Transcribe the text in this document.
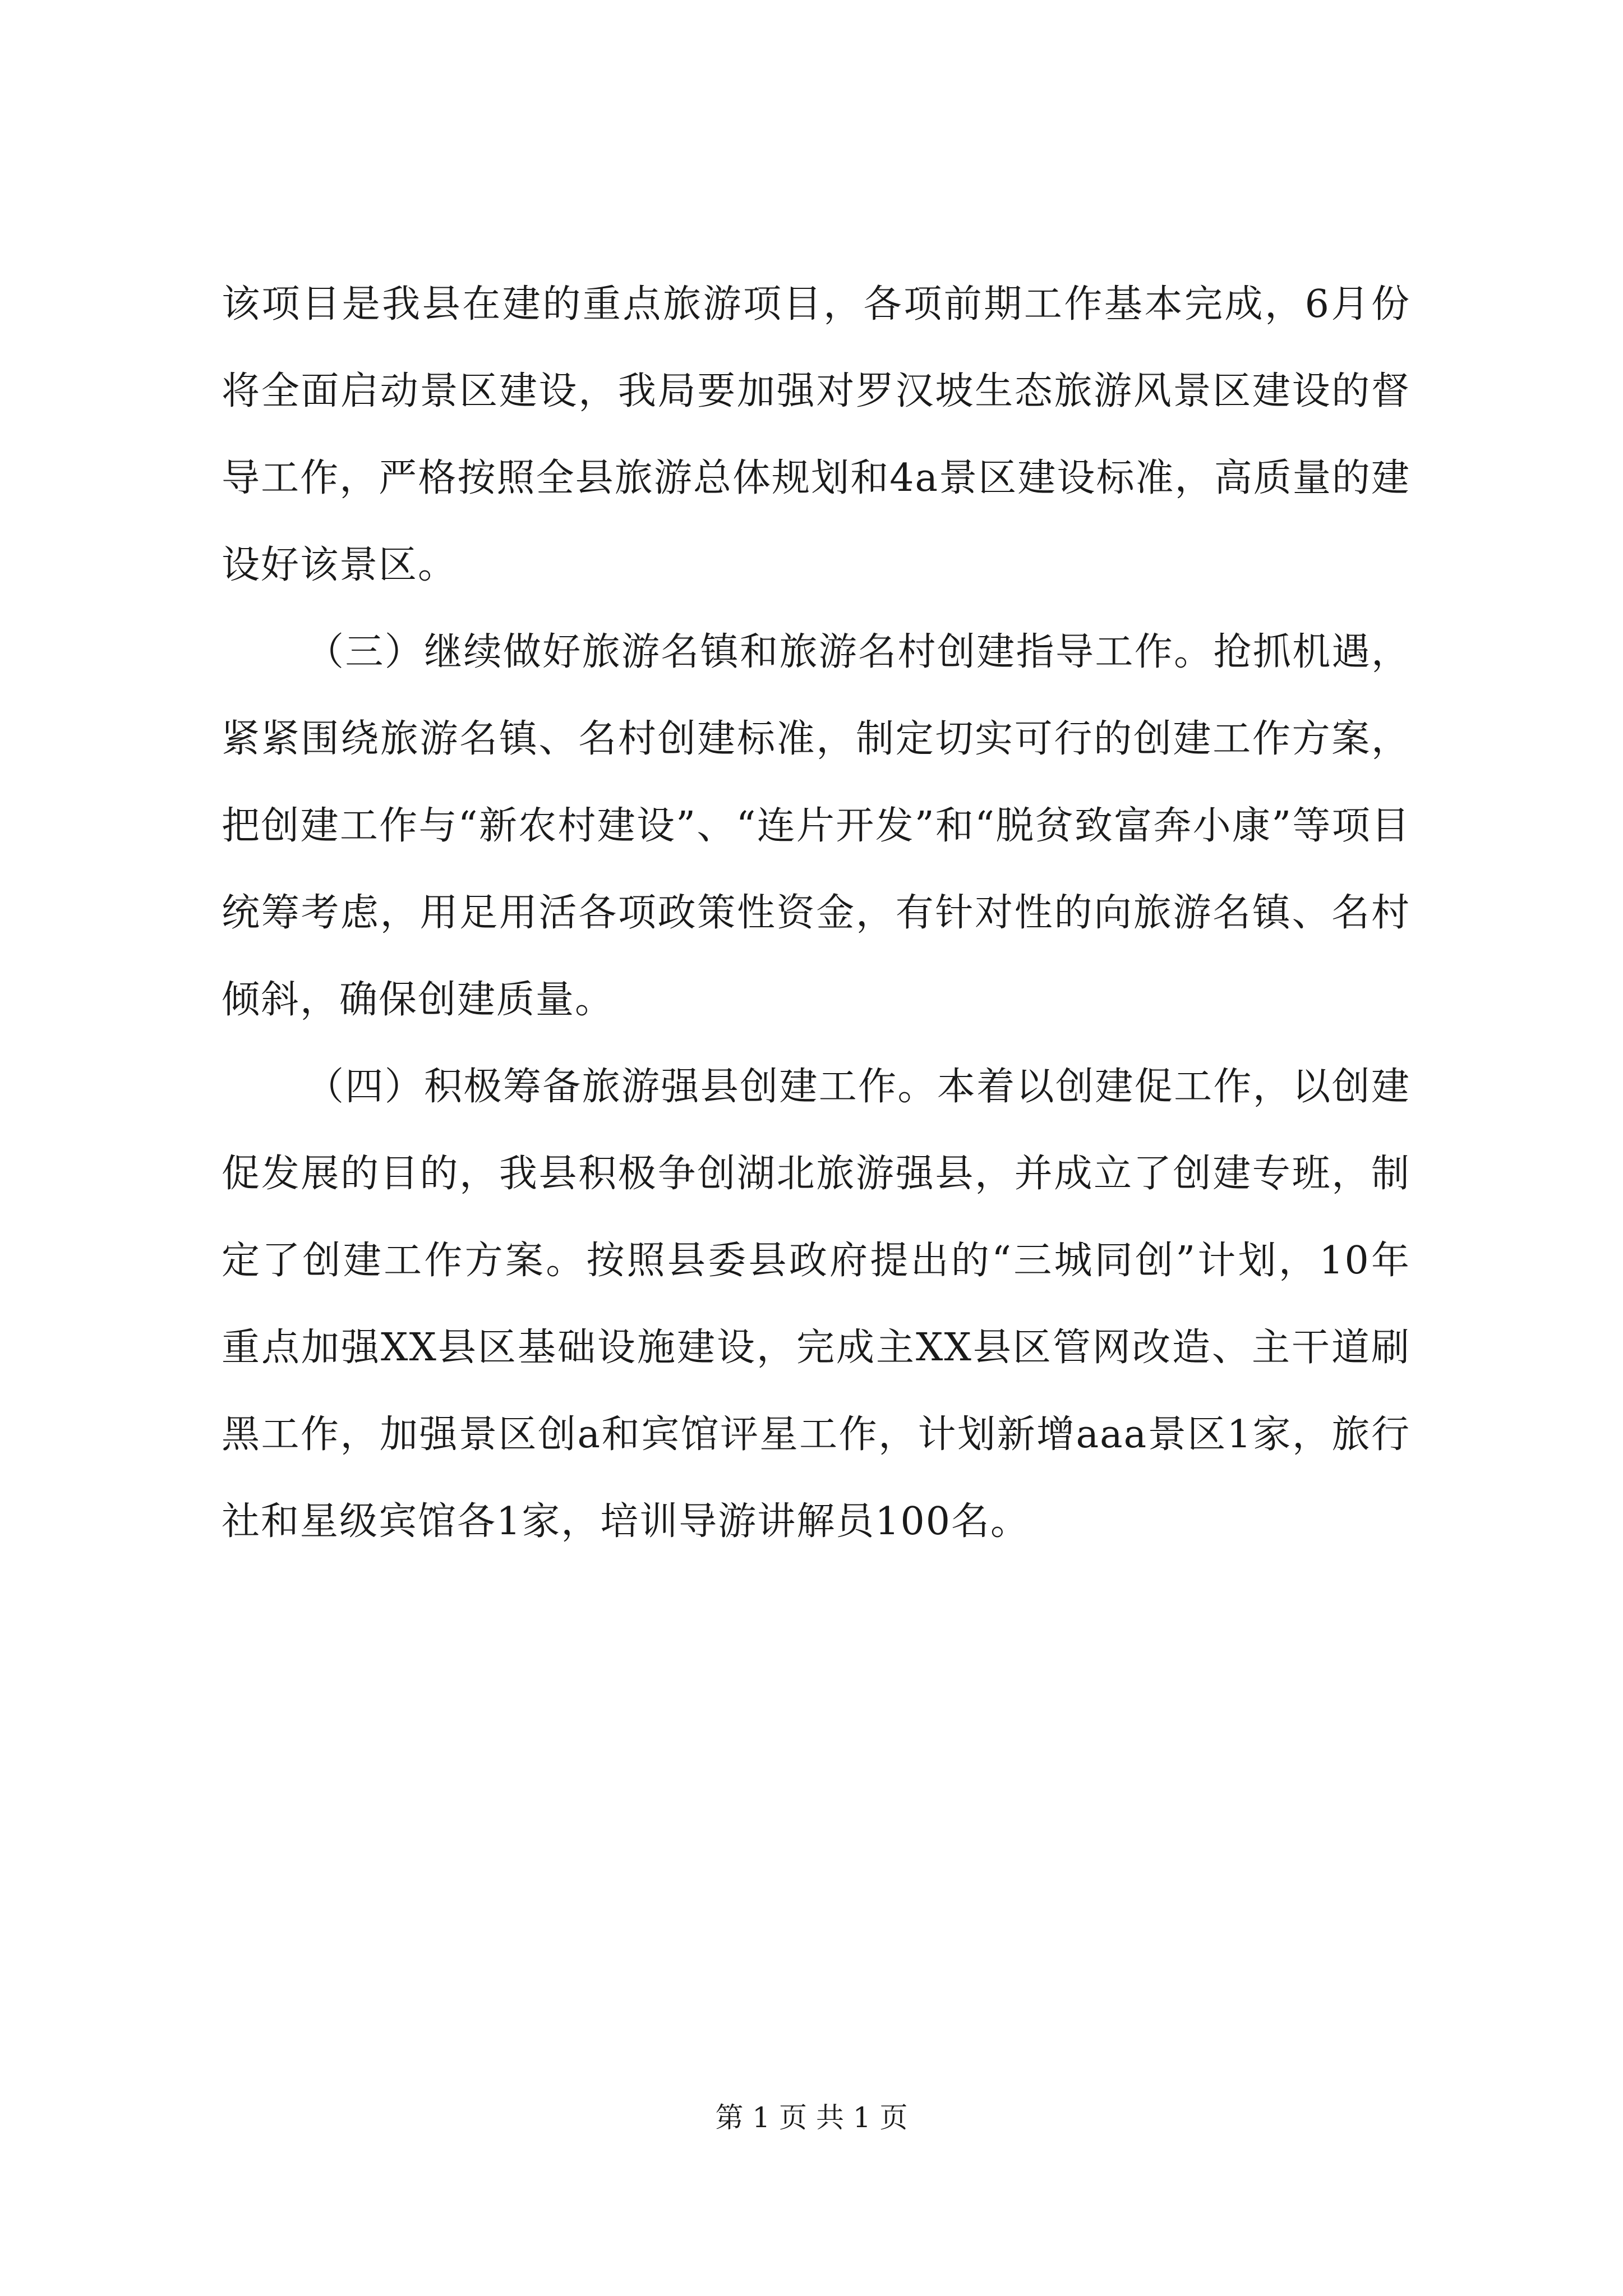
该项目是我县在建的重点旅游项目，各项前期工作基本完成，6月份将全面启动景区建设，我局要加强对罗汉坡生态旅游风景区建设的督导工作，严格按照全县旅游总体规划和4a景区建设标准，高质量的建设好该景区。

（三）继续做好旅游名镇和旅游名村创建指导工作。抢抓机遇，紧紧围绕旅游名镇、名村创建标准，制定切实可行的创建工作方案，把创建工作与“新农村建设”、“连片开发”和“脱贫致富奔小康”等项目统筹考虑，用足用活各项政策性资金，有针对性的向旅游名镇、名村倾斜，确保创建质量。

（四）积极筹备旅游强县创建工作。本着以创建促工作，以创建促发展的目的，我县积极争创湖北旅游强县，并成立了创建专班，制定了创建工作方案。按照县委县政府提出的“三城同创”计划，10年重点加强XX县区基础设施建设，完成主XX县区管网改造、主干道刷黑工作，加强景区创a和宾馆评星工作，计划新增aaa景区1家，旅行社和星级宾馆各1家，培训导游讲解员100名。

第 1 页 共 1 页
